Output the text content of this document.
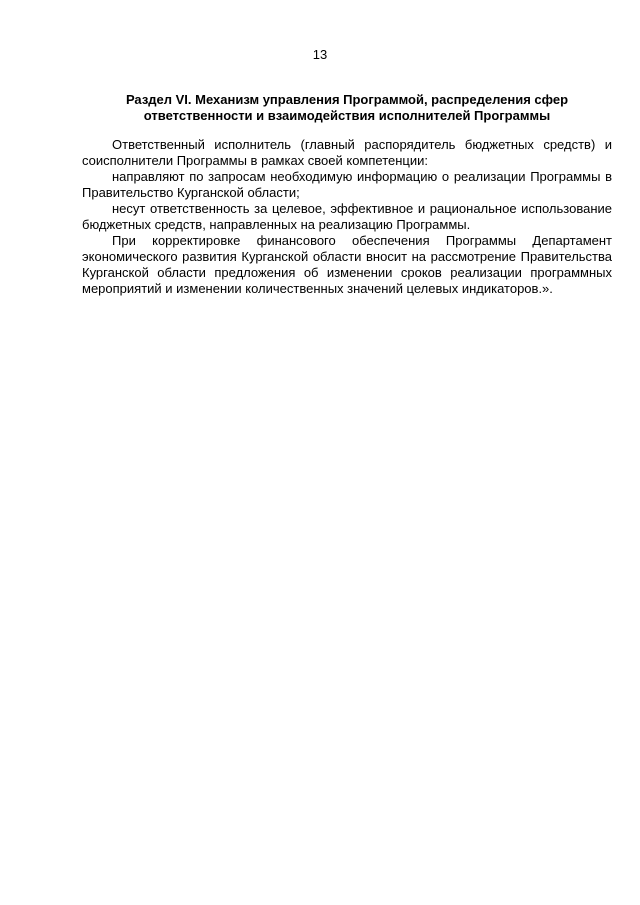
13
Раздел VI. Механизм управления Программой, распределения сфер
ответственности и взаимодействия исполнителей Программы

Ответственный исполнитель (главный распорядитель бюджетных средств) и соисполнители Программы в рамках своей компетенции:

направляют по запросам необходимую информацию о реализации Программы в Правительство Курганской области;

несут ответственность за целевое, эффективное и рациональное использование бюджетных средств, направленных на реализацию Программы.

При корректировке финансового обеспечения Программы Департамент экономического развития Курганской области вносит на рассмотрение Правительства Курганской области предложения об изменении сроков реализации программных мероприятий и изменении количественных значений целевых индикаторов.».
